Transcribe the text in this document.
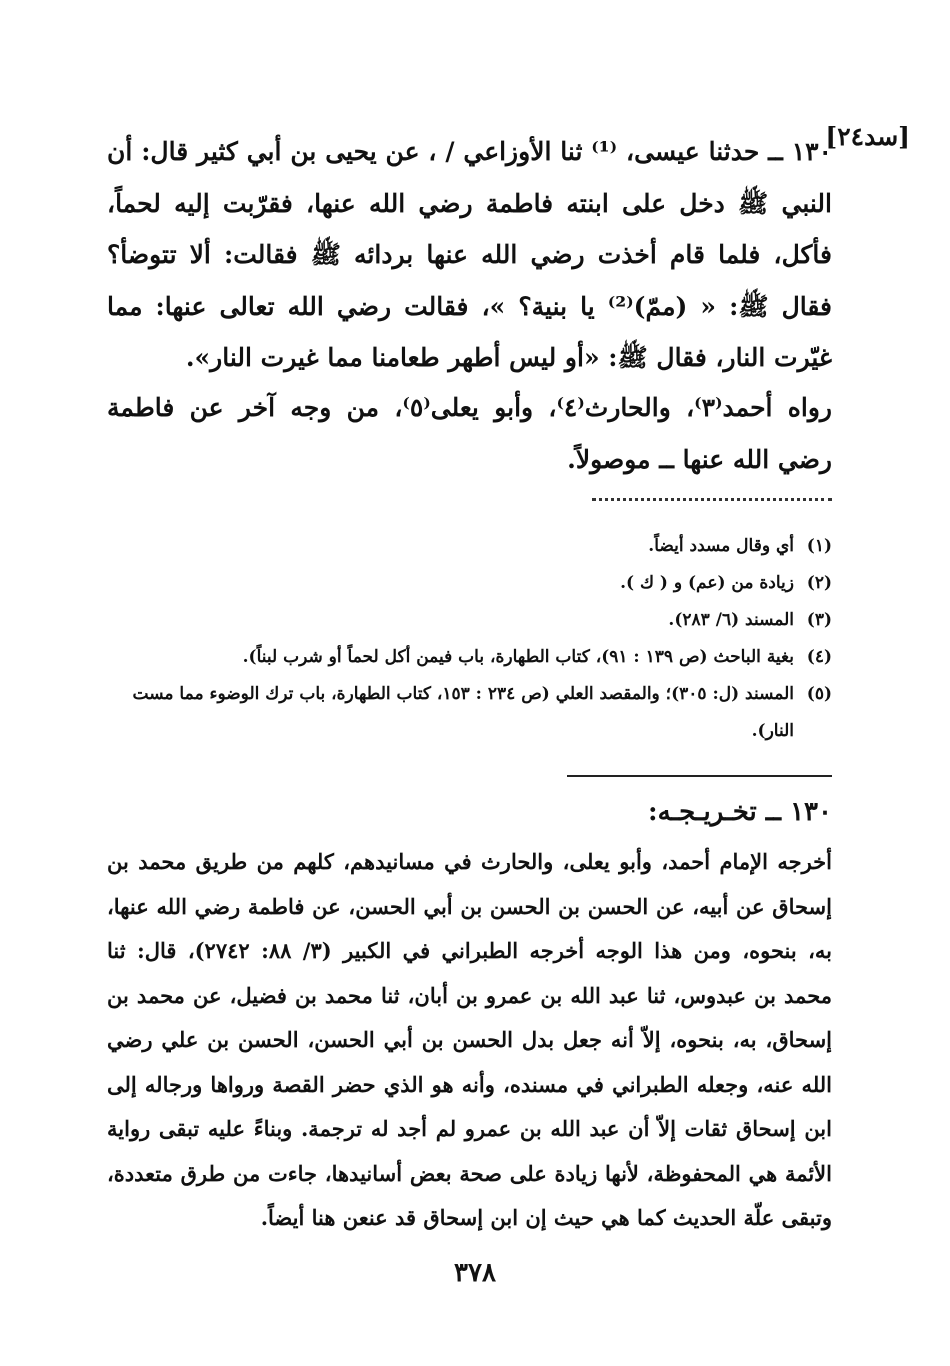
[سد٢٤]

١٣٠ ــ حدثنا عيسى، ⁽¹⁾ ثنا الأوزاعي / ، عن يحيى بن أبي كثير قال: أن النبي ﷺ دخل على ابنته فاطمة رضي الله عنها، فقرّبت إليه لحماً، فأكل، فلما قام أخذت رضي الله عنها بردائه ﷺ فقالت: ألا تتوضأ؟ فقال ﷺ: « (ممّ)⁽²⁾ يا بنية؟ »، فقالت رضي الله تعالى عنها: مما غيّرت النار، فقال ﷺ: «أو ليس أطهر طعامنا مما غيرت النار».

رواه أحمد⁽٣⁾، والحارث⁽٤⁾، وأبو يعلى⁽٥⁾، من وجه آخر عن فاطمة رضي الله عنها ــ موصولاً.

(١)
أي وقال مسدد أيضاً.
(٢)
زيادة من (عم) و ( ك ).
(٣)
المسند (٦/ ٢٨٣).
(٤)
بغية الباحث (ص ١٣٩ : ٩١)، كتاب الطهارة، باب فيمن أكل لحماً أو شرب لبناً).
(٥)
المسند (ل: ٣٠٥)؛ والمقصد العلي (ص ٢٣٤ : ١٥٣، كتاب الطهارة، باب ترك الوضوء مما مست النار).
١٣٠ ــ تخـريـجـه:

أخرجه الإمام أحمد، وأبو يعلى، والحارث في مسانيدهم، كلهم من طريق محمد بن إسحاق عن أبيه، عن الحسن بن الحسن بن أبي الحسن، عن فاطمة رضي الله عنها، به، بنحوه، ومن هذا الوجه أخرجه الطبراني في الكبير (٣/ ٨٨: ٢٧٤٢)، قال: ثنا محمد بن عبدوس، ثنا عبد الله بن عمرو بن أبان، ثنا محمد بن فضيل، عن محمد بن إسحاق، به، بنحوه، إلاّ أنه جعل بدل الحسن بن أبي الحسن، الحسن بن علي رضي الله عنه، وجعله الطبراني في مسنده، وأنه هو الذي حضر القصة ورواها ورجاله إلى ابن إسحاق ثقات إلاّ أن عبد الله بن عمرو لم أجد له ترجمة. وبناءً عليه تبقى رواية الأئمة هي المحفوظة، لأنها زيادة على صحة بعض أسانيدها، جاءت من طرق متعددة، وتبقى علّة الحديث كما هي حيث إن ابن إسحاق قد عنعن هنا أيضاً.

٣٧٨
